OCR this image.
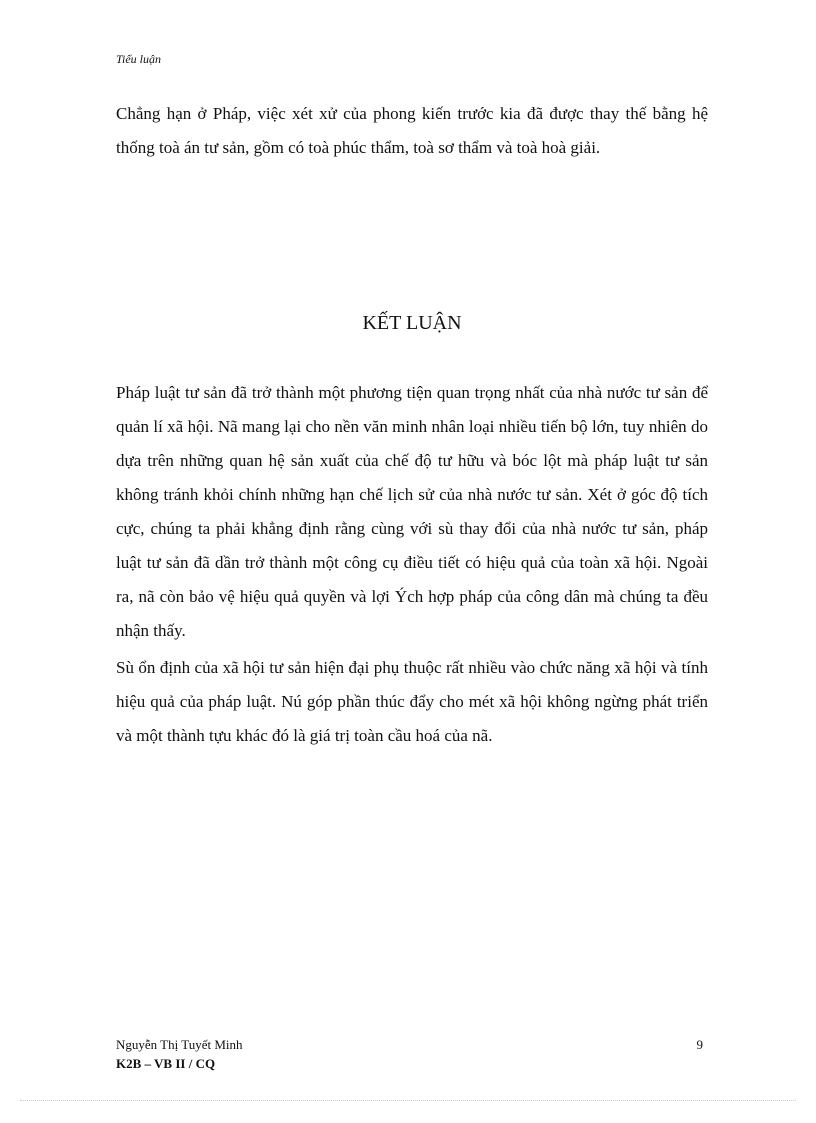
Tiểu luận

Chẳng hạn ở Pháp, việc xét xử của phong kiến trước kia đã được thay thế bằng hệ thống toà án tư sản, gồm có toà phúc thẩm, toà sơ thẩm và toà hoà giải.

KẾT LUẬN

Pháp luật tư sản đã trở thành một phương tiện quan trọng nhất của nhà nước tư sản để quản lí xã hội. Nã mang lại cho nền văn minh nhân loại nhiều tiến bộ lớn, tuy nhiên do dựa trên những quan hệ sản xuất của chế độ tư hữu và bóc lột mà pháp luật tư sản không tránh khỏi chính những hạn chế lịch sử của nhà nước tư sản. Xét ở góc độ tích cực, chúng ta phải khẳng định rằng cùng với sù thay đổi của nhà nước tư sản, pháp luật tư sản đã dần trở thành một công cụ điều tiết có hiệu quả của toàn xã hội. Ngoài ra, nã còn bảo vệ hiệu quả quyền và lợi Ých hợp pháp của công dân mà chúng ta đều nhận thấy.

Sù ổn định của xã hội tư sản hiện đại phụ thuộc rất nhiều vào chức năng xã hội và tính hiệu quả của pháp luật. Nú góp phần thúc đẩy cho mét xã hội không ngừng phát triển và một thành tựu khác đó là giá trị toàn cầu hoá của nã.

Nguyễn Thị Tuyết Minh
K2B – VB II / CQ
9
